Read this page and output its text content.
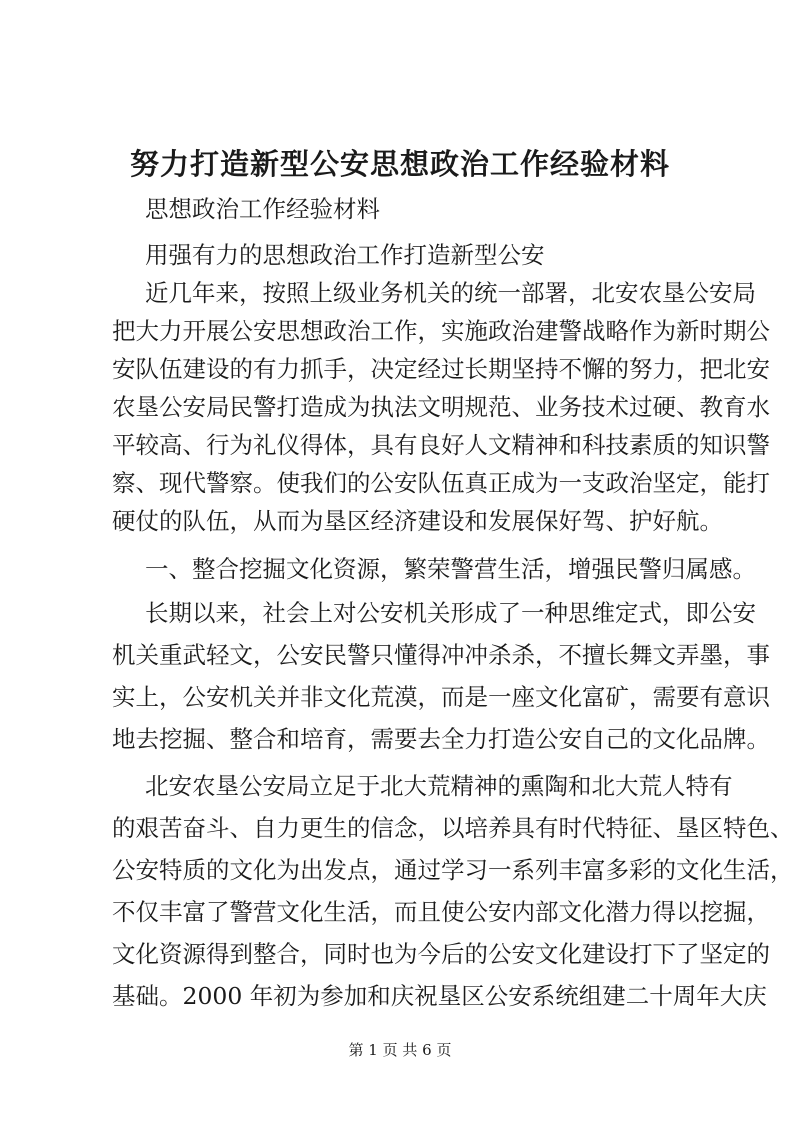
努力打造新型公安思想政治工作经验材料

思想政治工作经验材料

用强有力的思想政治工作打造新型公安

近几年来，按照上级业务机关的统一部署，北安农垦公安局

把大力开展公安思想政治工作，实施政治建警战略作为新时期公

安队伍建设的有力抓手，决定经过长期坚持不懈的努力，把北安

农垦公安局民警打造成为执法文明规范、业务技术过硬、教育水

平较高、行为礼仪得体，具有良好人文精神和科技素质的知识警

察、现代警察。使我们的公安队伍真正成为一支政治坚定，能打

硬仗的队伍，从而为垦区经济建设和发展保好驾、护好航。

一、整合挖掘文化资源，繁荣警营生活，增强民警归属感。

长期以来，社会上对公安机关形成了一种思维定式，即公安

机关重武轻文，公安民警只懂得冲冲杀杀，不擅长舞文弄墨，事

实上，公安机关并非文化荒漠，而是一座文化富矿，需要有意识

地去挖掘、整合和培育，需要去全力打造公安自己的文化品牌。

北安农垦公安局立足于北大荒精神的熏陶和北大荒人特有

的艰苦奋斗、自力更生的信念，以培养具有时代特征、垦区特色、

公安特质的文化为出发点，通过学习一系列丰富多彩的文化生活，

不仅丰富了警营文化生活，而且使公安内部文化潜力得以挖掘，

文化资源得到整合，同时也为今后的公安文化建设打下了坚定的

基础。2000 年初为参加和庆祝垦区公安系统组建二十周年大庆

第 1 页 共 6 页
